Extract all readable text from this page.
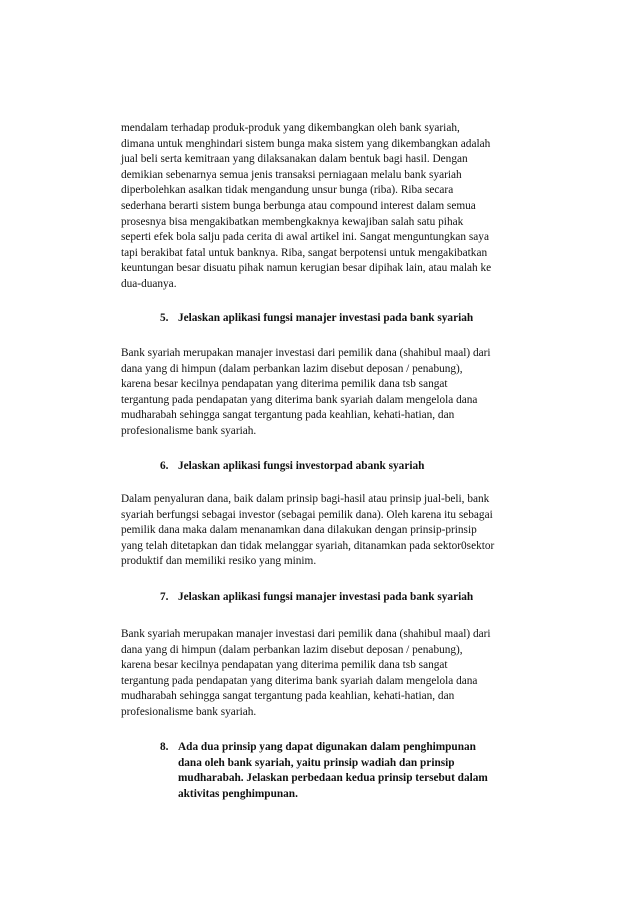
mendalam terhadap produk-produk yang dikembangkan oleh bank syariah,
dimana untuk menghindari sistem bunga maka sistem yang dikembangkan adalah
jual beli serta kemitraan yang dilaksanakan dalam bentuk bagi hasil. Dengan
demikian sebenarnya semua jenis transaksi perniagaan melalu bank syariah
diperbolehkan asalkan tidak mengandung unsur bunga (riba). Riba secara
sederhana berarti sistem bunga berbunga atau compound interest dalam semua
prosesnya bisa mengakibatkan membengkaknya kewajiban salah satu pihak
seperti efek bola salju pada cerita di awal artikel ini. Sangat menguntungkan saya
tapi berakibat fatal untuk banknya. Riba, sangat berpotensi untuk mengakibatkan
keuntungan besar disuatu pihak namun kerugian besar dipihak lain, atau malah ke
dua-duanya.
5. Jelaskan aplikasi fungsi manajer investasi pada bank syariah
Bank syariah merupakan manajer investasi dari pemilik dana (shahibul maal) dari
dana yang di himpun (dalam perbankan lazim disebut deposan / penabung),
karena besar kecilnya pendapatan yang diterima pemilik dana tsb sangat
tergantung pada pendapatan yang diterima bank syariah dalam mengelola dana
mudharabah sehingga sangat tergantung pada keahlian, kehati-hatian, dan
profesionalisme bank syariah.
6. Jelaskan aplikasi fungsi investorpad abank syariah
Dalam penyaluran dana, baik dalam prinsip bagi-hasil atau prinsip jual-beli, bank
syariah berfungsi sebagai investor (sebagai pemilik dana). Oleh karena itu sebagai
pemilik dana maka dalam menanamkan dana dilakukan dengan prinsip-prinsip
yang telah ditetapkan dan tidak melanggar syariah, ditanamkan pada sektor0sektor
produktif dan memiliki resiko yang minim.
7. Jelaskan aplikasi fungsi manajer investasi pada bank syariah
Bank syariah merupakan manajer investasi dari pemilik dana (shahibul maal) dari
dana yang di himpun (dalam perbankan lazim disebut deposan / penabung),
karena besar kecilnya pendapatan yang diterima pemilik dana tsb sangat
tergantung pada pendapatan yang diterima bank syariah dalam mengelola dana
mudharabah sehingga sangat tergantung pada keahlian, kehati-hatian, dan
profesionalisme bank syariah.
8. Ada dua prinsip yang dapat digunakan dalam penghimpunan
dana oleh bank syariah, yaitu prinsip wadiah dan prinsip
mudharabah. Jelaskan perbedaan kedua prinsip tersebut dalam
aktivitas penghimpunan.
